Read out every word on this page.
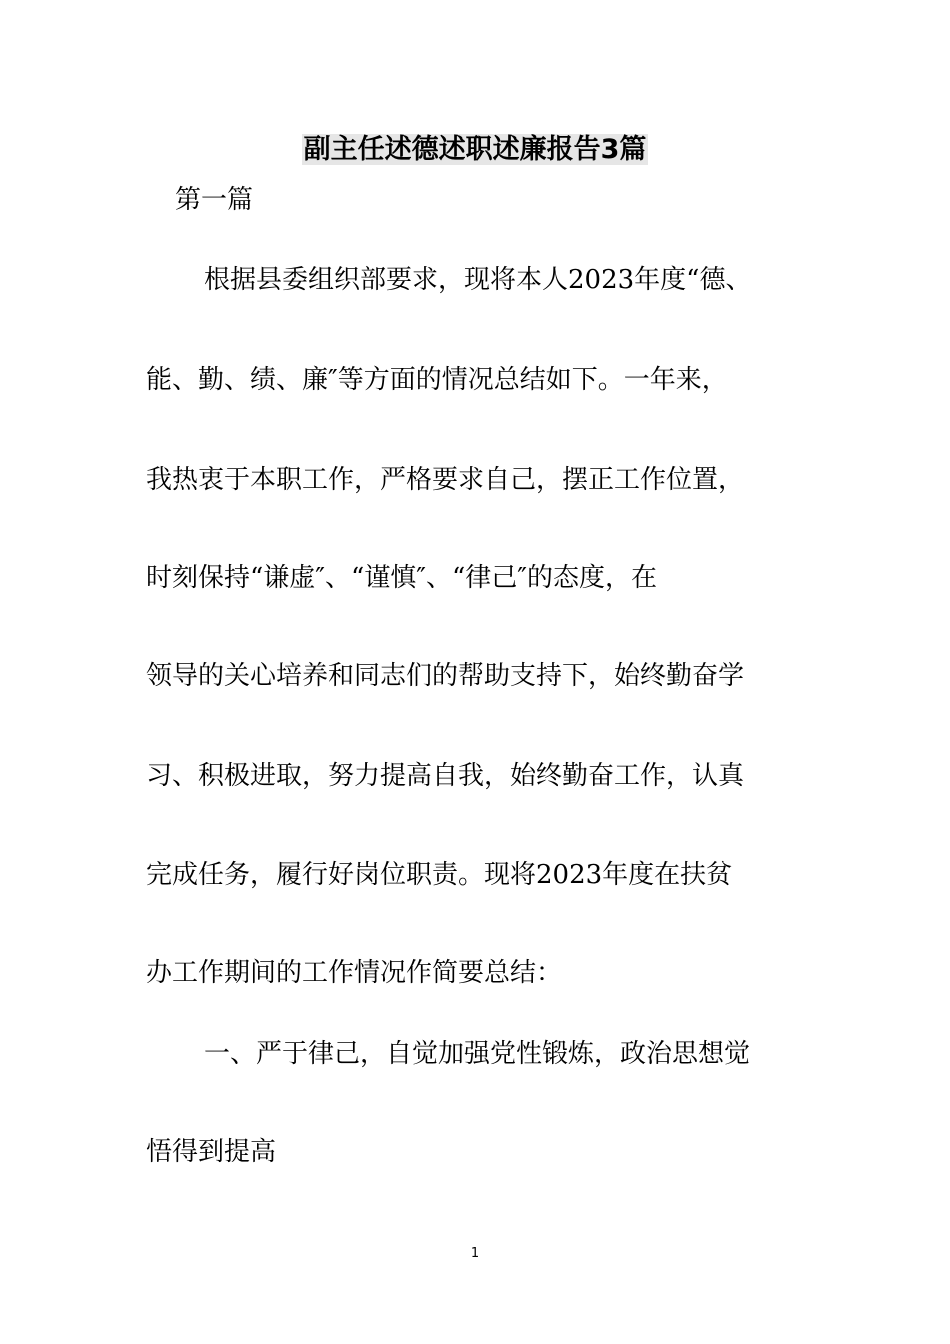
副主任述德述职述廉报告3篇
第一篇
根据县委组织部要求，现将本人2023年度“德、
能、勤、绩、廉″等方面的情况总结如下。一年来，
我热衷于本职工作，严格要求自己，摆正工作位置，
时刻保持“谦虚″、“谨慎″、“律己″的态度，在
领导的关心培养和同志们的帮助支持下，始终勤奋学
习、积极进取，努力提高自我，始终勤奋工作，认真
完成任务，履行好岗位职责。现将2023年度在扶贫
办工作期间的工作情况作简要总结：
一、严于律己，自觉加强党性锻炼，政治思想觉
悟得到提高
1
